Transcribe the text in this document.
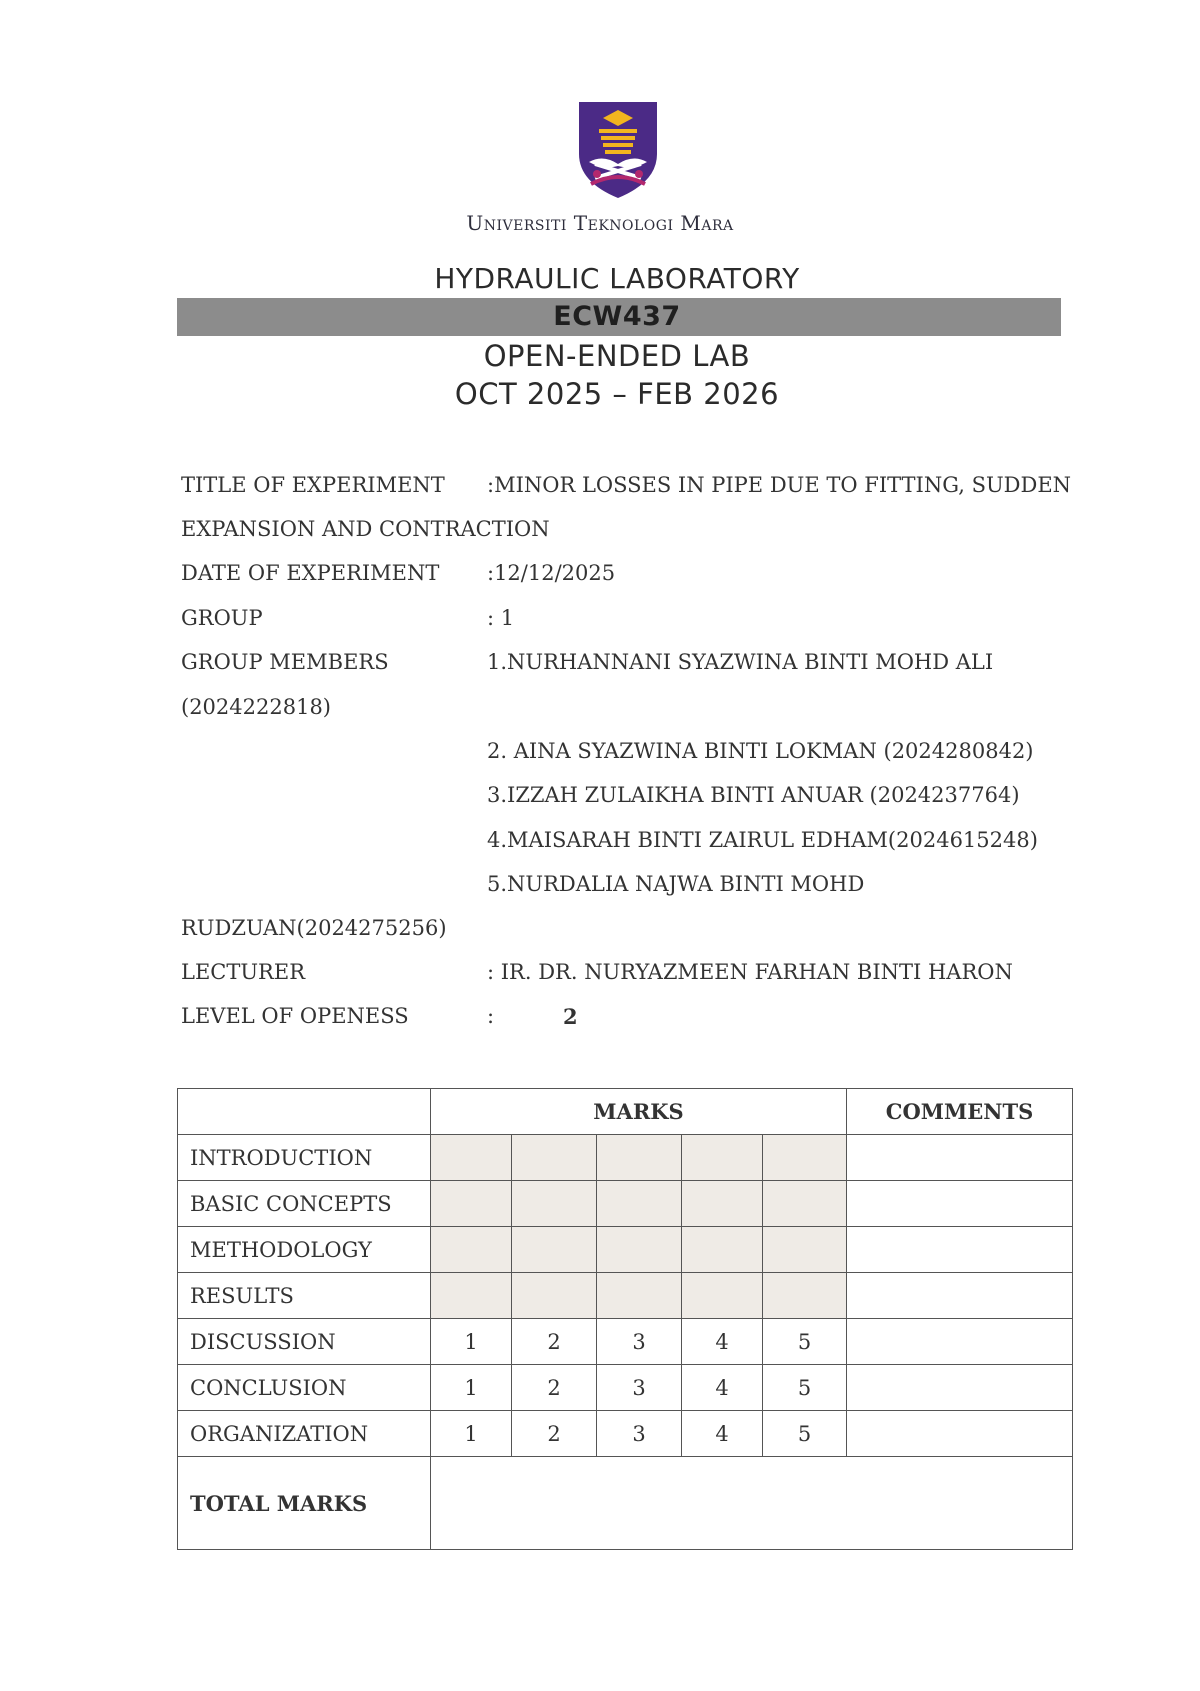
Universiti Teknologi Mara
HYDRAULIC LABORATORY
ECW437
OPEN-ENDED LAB
OCT 2025 – FEB 2026
TITLE OF EXPERIMENT :MINOR LOSSES IN PIPE DUE TO FITTING, SUDDEN
EXPANSION AND CONTRACTION
DATE OF EXPERIMENT :12/12/2025
GROUP	: 1
GROUP MEMBERS	1.NURHANNANI SYAZWINA BINTI MOHD ALI
(2024222818)
2. AINA SYAZWINA BINTI LOKMAN (2024280842)
3.IZZAH ZULAIKHA BINTI ANUAR (2024237764)
4.MAISARAH BINTI ZAIRUL EDHAM(2024615248)
5.NURDALIA NAJWA BINTI MOHD
RUDZUAN(2024275256)
LECTURER	: IR. DR. NURYAZMEEN FARHAN BINTI HARON
LEVEL OF OPENESS	:	2
	MARKS					COMMENTS
INTRODUCTION						
BASIC CONCEPTS						
METHODOLOGY						
RESULTS						
DISCUSSION	1	2	3	4	5	
CONCLUSION	1	2	3	4	5	
ORGANIZATION	1	2	3	4	5	
TOTAL MARKS						
